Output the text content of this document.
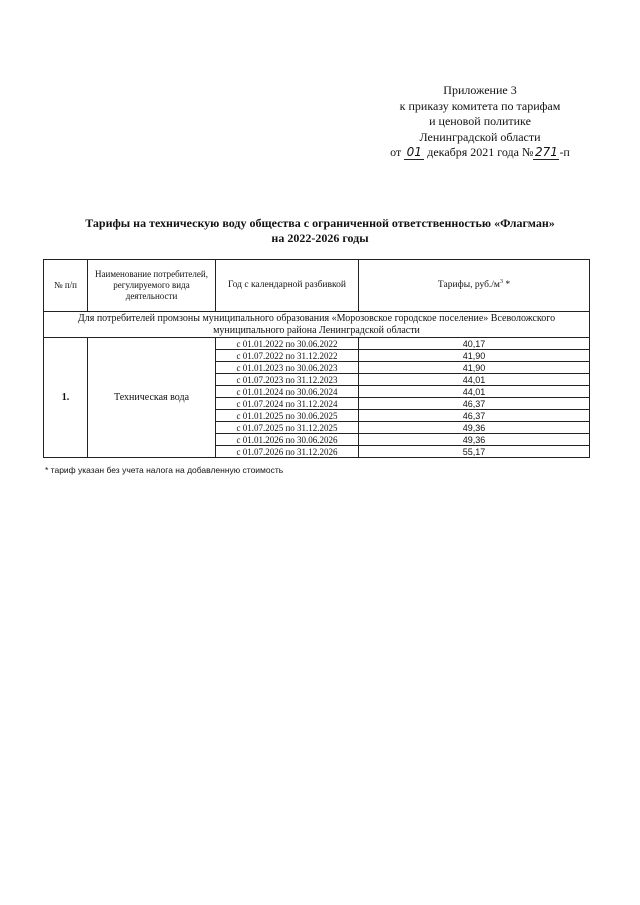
Приложение 3
к приказу комитета по тарифам
и ценовой политике
Ленинградской области
от 01 декабря 2021 года № 271 -п
Тарифы на техническую воду общества с ограниченной ответственностью «Флагман»
на 2022-2026 годы
№ п/п	Наименование потребителей, регулируемого вида деятельности	Год с календарной разбивкой	Тарифы, $руб./м^3$ *
Для потребителей промзоны муниципального образования «Морозовское городское поселение» Всеволожского муниципального района Ленинградской области			
1.	Техническая вода	с 01.01.2022 по 30.06.2022	40,17
		с 01.07.2022 по 31.12.2022	41,90
		с 01.01.2023 по 30.06.2023	41,90
		с 01.07.2023 по 31.12.2023	44,01
		с 01.01.2024 по 30.06.2024	44,01
		с 01.07.2024 по 31.12.2024	46,37
		с 01.01.2025 по 30.06.2025	46,37
		с 01.07.2025 по 31.12.2025	49,36
		с 01.01.2026 по 30.06.2026	49,36
		с 01.07.2026 по 31.12.2026	55,17
* тариф указан без учета налога на добавленную стоимость
